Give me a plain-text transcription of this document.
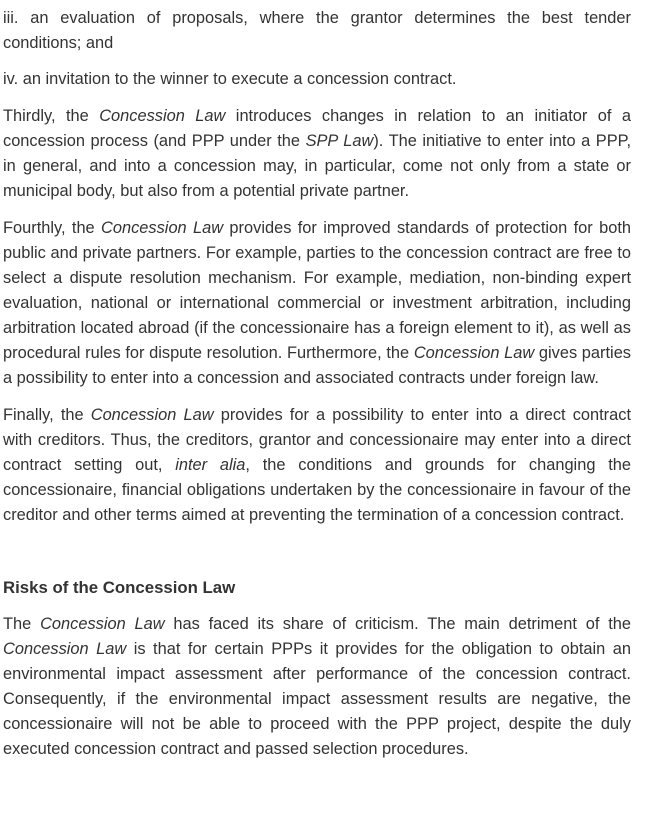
iii. an evaluation of proposals, where the grantor determines the best tender conditions; and

iv. an invitation to the winner to execute a concession contract.

Thirdly, the Concession Law introduces changes in relation to an initiator of a concession process (and PPP under the SPP Law). The initiative to enter into a PPP, in general, and into a concession may, in particular, come not only from a state or municipal body, but also from a potential private partner.

Fourthly, the Concession Law provides for improved standards of protection for both public and private partners. For example, parties to the concession contract are free to select a dispute resolution mechanism. For example, mediation, non-binding expert evaluation, national or international commercial or investment arbitration, including arbitration located abroad (if the concessionaire has a foreign element to it), as well as procedural rules for dispute resolution. Furthermore, the Concession Law gives parties a possibility to enter into a concession and associated contracts under foreign law.

Finally, the Concession Law provides for a possibility to enter into a direct contract with creditors. Thus, the creditors, grantor and concessionaire may enter into a direct contract setting out, inter alia, the conditions and grounds for changing the concessionaire, financial obligations undertaken by the concessionaire in favour of the creditor and other terms aimed at preventing the termination of a concession contract.

Risks of the Concession Law

The Concession Law has faced its share of criticism. The main detriment of the Concession Law is that for certain PPPs it provides for the obligation to obtain an environmental impact assessment after performance of the concession contract. Consequently, if the environmental impact assessment results are negative, the concessionaire will not be able to proceed with the PPP project, despite the duly executed concession contract and passed selection procedures.
